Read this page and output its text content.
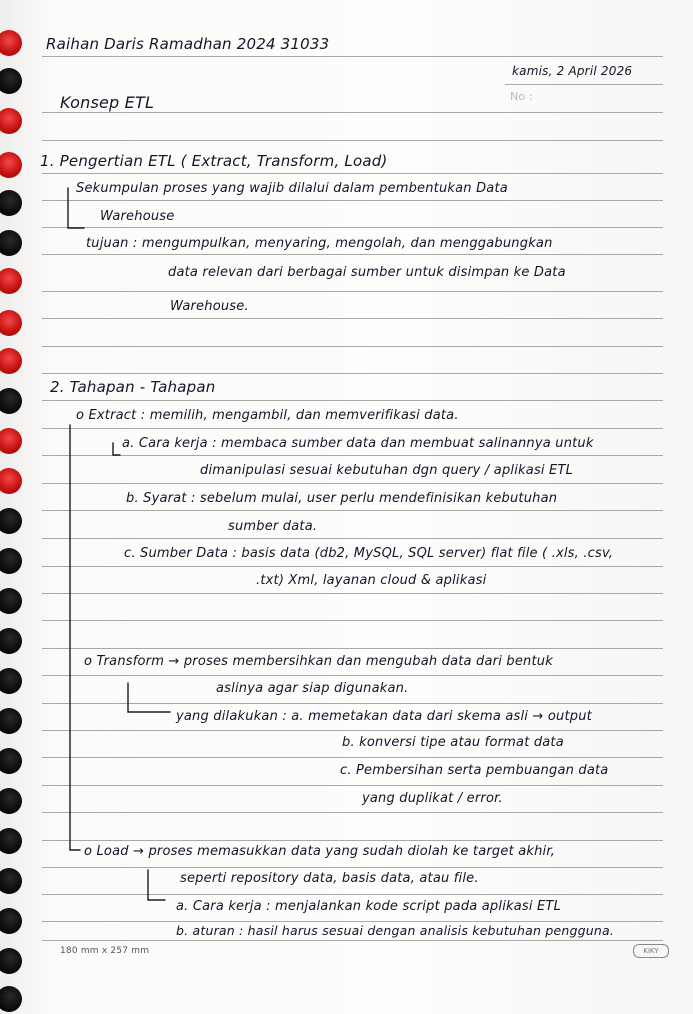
Raihan Daris Ramadhan 2024 31033
kamis, 2 April 2026
No :
Konsep ETL
1. Pengertian ETL ( Extract, Transform, Load)
Sekumpulan proses yang wajib dilalui dalam pembentukan Data
Warehouse
tujuan : mengumpulkan, menyaring, mengolah, dan menggabungkan
data relevan dari berbagai sumber untuk disimpan ke Data
Warehouse.
2. Tahapan - Tahapan
o Extract : memilih, mengambil, dan memverifikasi data.
a. Cara kerja : membaca sumber data dan membuat salinannya untuk
dimanipulasi sesuai kebutuhan dgn query / aplikasi ETL
b. Syarat : sebelum mulai, user perlu mendefinisikan kebutuhan
sumber data.
c. Sumber Data : basis data (db2, MySQL, SQL server) flat file ( .xls, .csv,
.txt) Xml, layanan cloud & aplikasi
o Transform → proses membersihkan dan mengubah data dari bentuk
aslinya agar siap digunakan.
yang dilakukan : a. memetakan data dari skema asli → output
b. konversi tipe atau format data
c. Pembersihan serta pembuangan data
yang duplikat / error.
o Load → proses memasukkan data yang sudah diolah ke target akhir,
seperti repository data, basis data, atau file.
a. Cara kerja : menjalankan kode script pada aplikasi ETL
b. aturan : hasil harus sesuai dengan analisis kebutuhan pengguna.
180 mm x 257 mm	KIKY
